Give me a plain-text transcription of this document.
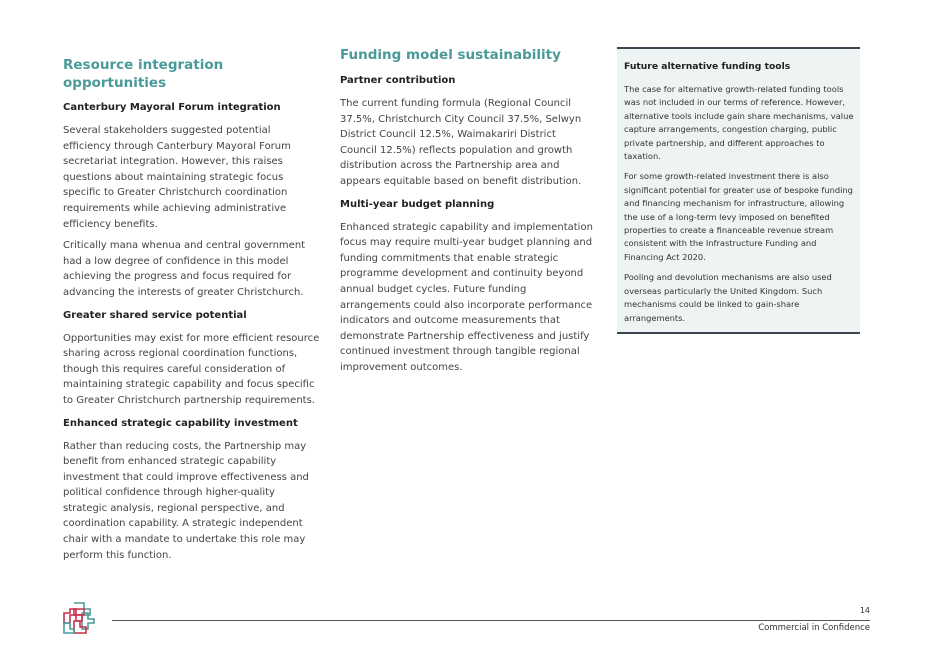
Resource integration opportunities
Canterbury Mayoral Forum integration

Several stakeholders suggested potential efficiency through Canterbury Mayoral Forum secretariat integration. However, this raises questions about maintaining strategic focus specific to Greater Christchurch coordination requirements while achieving administrative efficiency benefits.

Critically mana whenua and central government had a low degree of confidence in this model achieving the progress and focus required for advancing the interests of greater Christchurch.

Greater shared service potential

Opportunities may exist for more efficient resource sharing across regional coordination functions, though this requires careful consideration of maintaining strategic capability and focus specific to Greater Christchurch partnership requirements.

Enhanced strategic capability investment

Rather than reducing costs, the Partnership may benefit from enhanced strategic capability investment that could improve effectiveness and political confidence through higher-quality strategic analysis, regional perspective, and coordination capability. A strategic independent chair with a mandate to undertake this role may perform this function.

Funding model sustainability
Partner contribution

The current funding formula (Regional Council 37.5%, Christchurch City Council 37.5%, Selwyn District Council 12.5%, Waimakariri District Council 12.5%) reflects population and growth distribution across the Partnership area and appears equitable based on benefit distribution.

Multi-year budget planning

Enhanced strategic capability and implementation focus may require multi-year budget planning and funding commitments that enable strategic programme development and continuity beyond annual budget cycles. Future funding arrangements could also incorporate performance indicators and outcome measurements that demonstrate Partnership effectiveness and justify continued investment through tangible regional improvement outcomes.

Future alternative funding tools

The case for alternative growth-related funding tools was not included in our terms of reference. However, alternative tools include gain share mechanisms, value capture arrangements, congestion charging, public private partnership, and different approaches to taxation.

For some growth-related investment there is also significant potential for greater use of bespoke funding and financing mechanism for infrastructure, allowing the use of a long-term levy imposed on benefited properties to create a financeable revenue stream consistent with the Infrastructure Funding and Financing Act 2020.

Pooling and devolution mechanisms are also used overseas particularly the United Kingdom. Such mechanisms could be linked to gain-share arrangements.

14
Commercial in Confidence
